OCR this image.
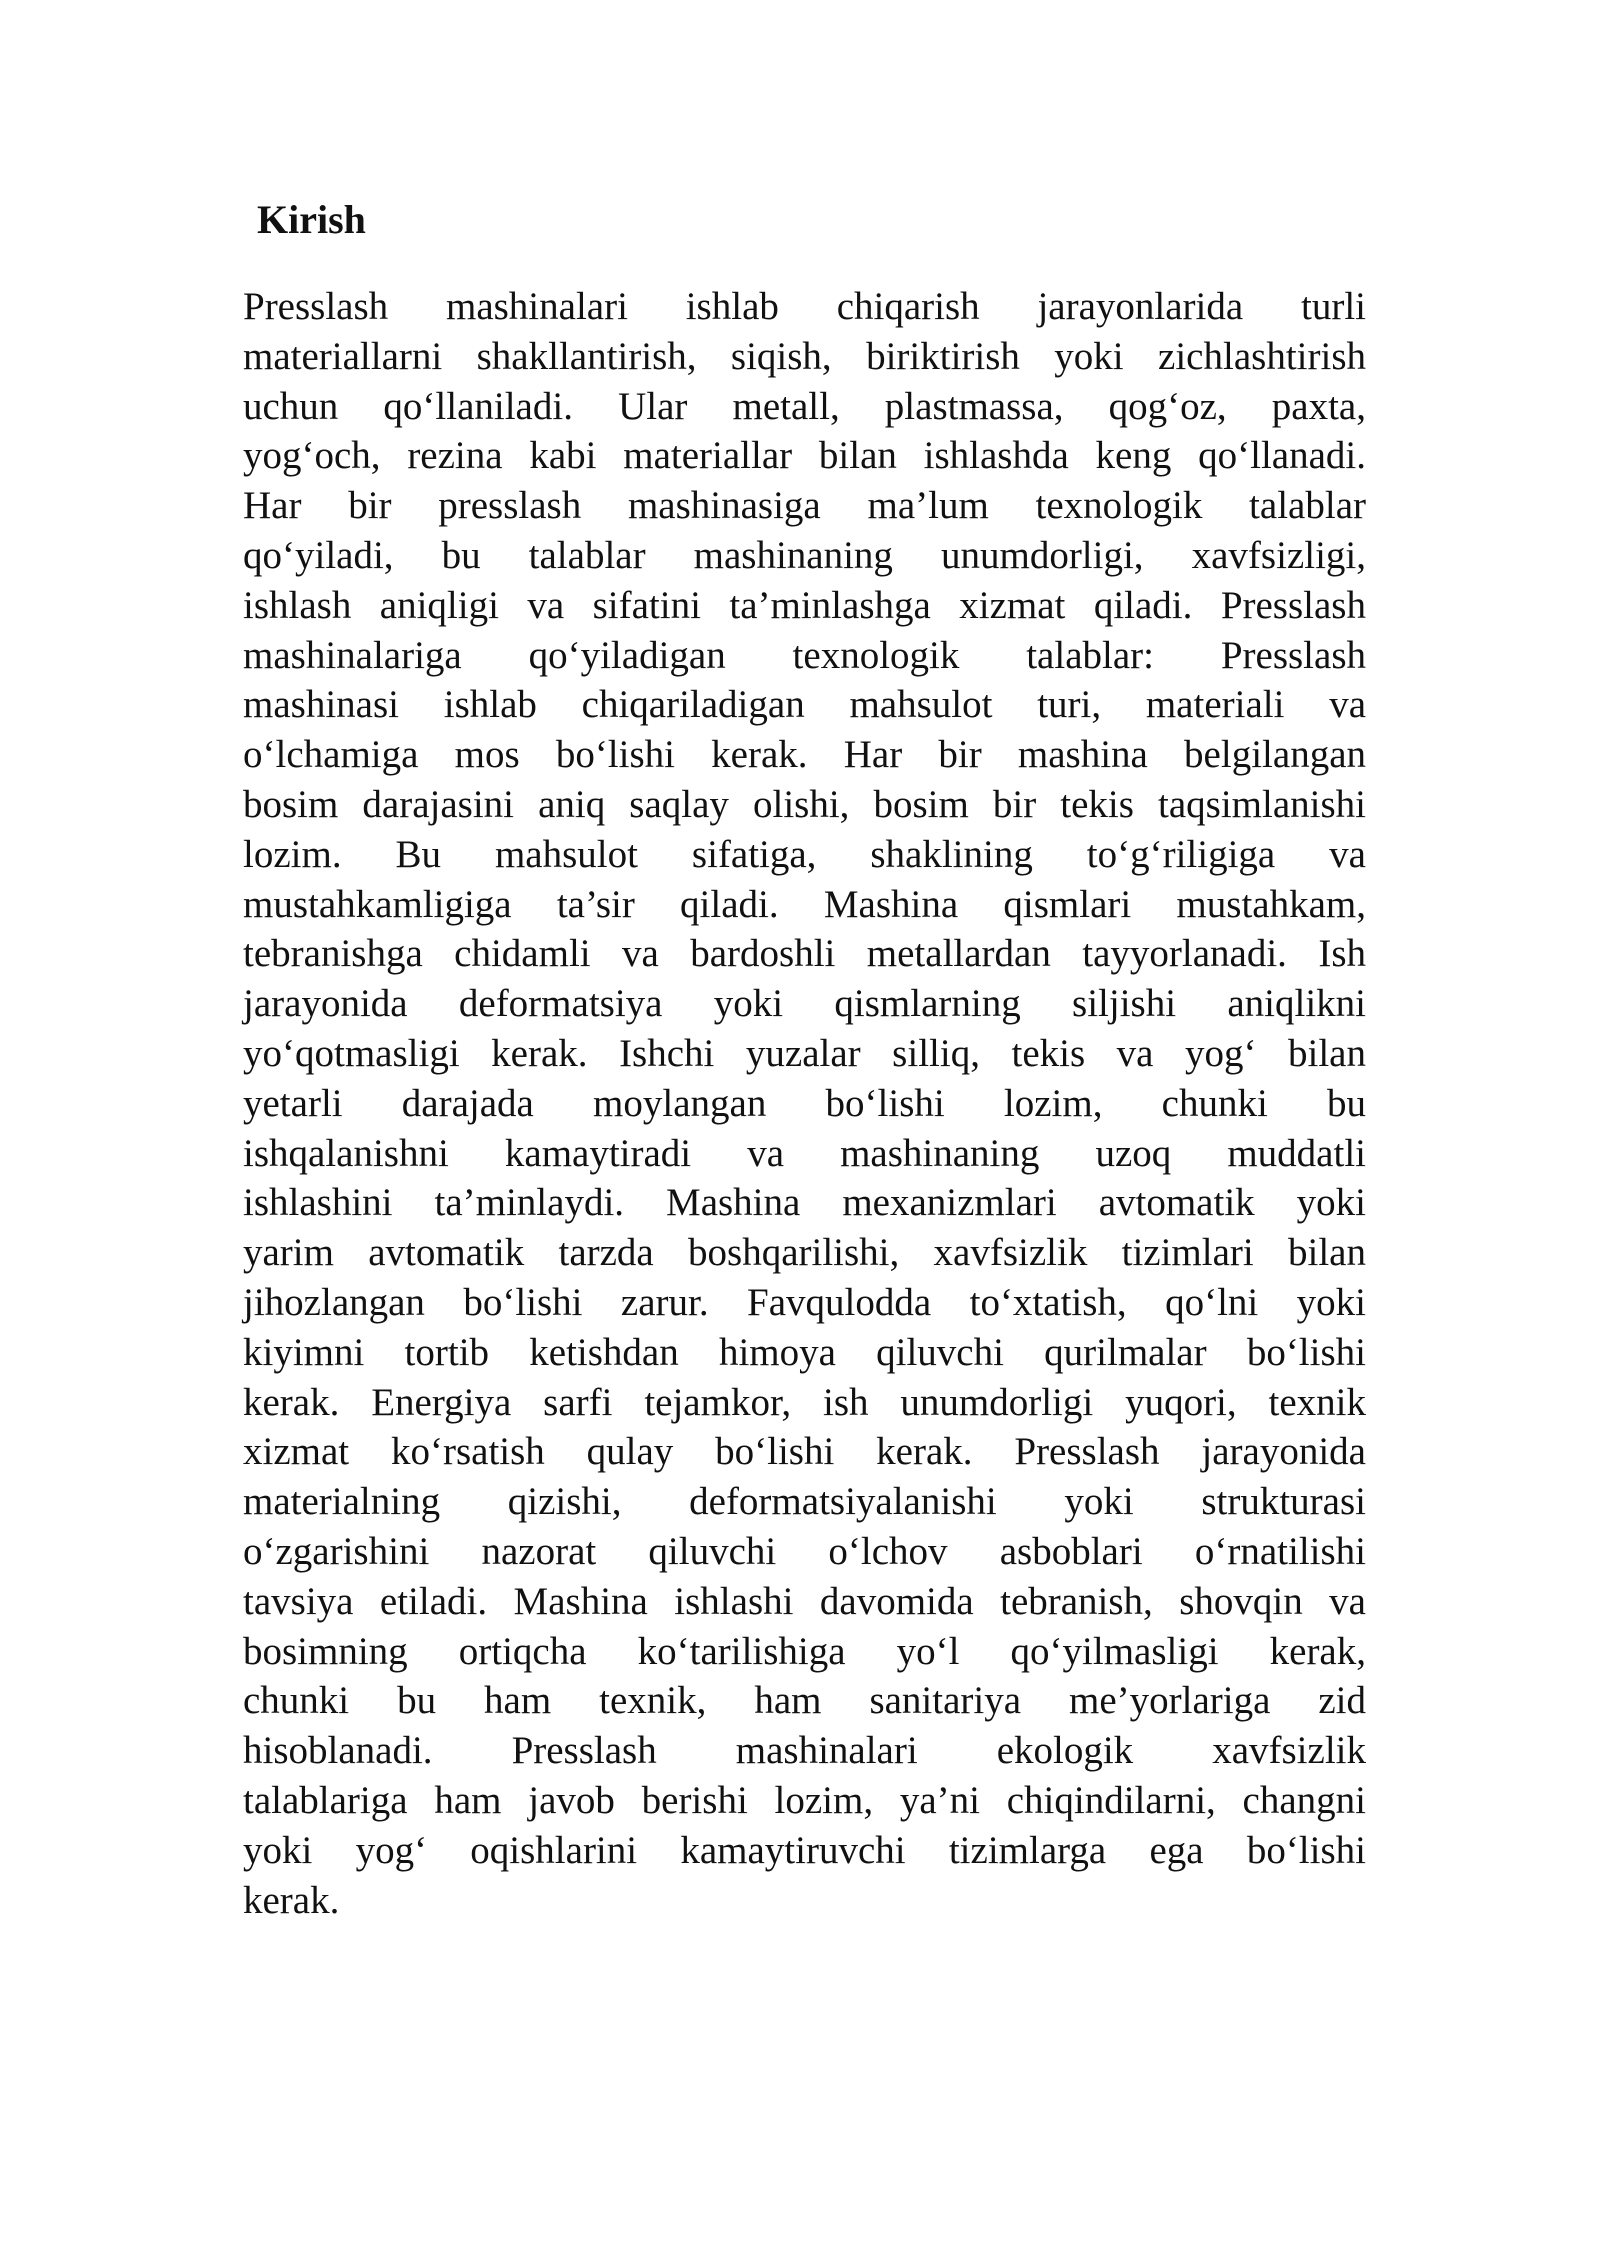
Kirish

Presslash mashinalari ishlab chiqarish jarayonlarida turli
materiallarni shakllantirish, siqish, biriktirish yoki zichlashtirish
uchun qo‘llaniladi. Ular metall, plastmassa, qog‘oz, paxta,
yog‘och, rezina kabi materiallar bilan ishlashda keng qo‘llanadi.
Har bir presslash mashinasiga ma’lum texnologik talablar
qo‘yiladi, bu talablar mashinaning unumdorligi, xavfsizligi,
ishlash aniqligi va sifatini ta’minlashga xizmat qiladi. Presslash
mashinalariga qo‘yiladigan texnologik talablar: Presslash
mashinasi ishlab chiqariladigan mahsulot turi, materiali va
o‘lchamiga mos bo‘lishi kerak. Har bir mashina belgilangan
bosim darajasini aniq saqlay olishi, bosim bir tekis taqsimlanishi
lozim. Bu mahsulot sifatiga, shaklining to‘g‘riligiga va
mustahkamligiga ta’sir qiladi. Mashina qismlari mustahkam,
tebranishga chidamli va bardoshli metallardan tayyorlanadi. Ish
jarayonida deformatsiya yoki qismlarning siljishi aniqlikni
yo‘qotmasligi kerak. Ishchi yuzalar silliq, tekis va yog‘ bilan
yetarli darajada moylangan bo‘lishi lozim, chunki bu
ishqalanishni kamaytiradi va mashinaning uzoq muddatli
ishlashini ta’minlaydi. Mashina mexanizmlari avtomatik yoki
yarim avtomatik tarzda boshqarilishi, xavfsizlik tizimlari bilan
jihozlangan bo‘lishi zarur. Favqulodda to‘xtatish, qo‘lni yoki
kiyimni tortib ketishdan himoya qiluvchi qurilmalar bo‘lishi
kerak. Energiya sarfi tejamkor, ish unumdorligi yuqori, texnik
xizmat ko‘rsatish qulay bo‘lishi kerak. Presslash jarayonida
materialning qizishi, deformatsiyalanishi yoki strukturasi
o‘zgarishini nazorat qiluvchi o‘lchov asboblari o‘rnatilishi
tavsiya etiladi. Mashina ishlashi davomida tebranish, shovqin va
bosimning ortiqcha ko‘tarilishiga yo‘l qo‘yilmasligi kerak,
chunki bu ham texnik, ham sanitariya me’yorlariga zid
hisoblanadi. Presslash mashinalari ekologik xavfsizlik
talablariga ham javob berishi lozim, ya’ni chiqindilarni, changni
yoki yog‘ oqishlarini kamaytiruvchi tizimlarga ega bo‘lishi
kerak.
